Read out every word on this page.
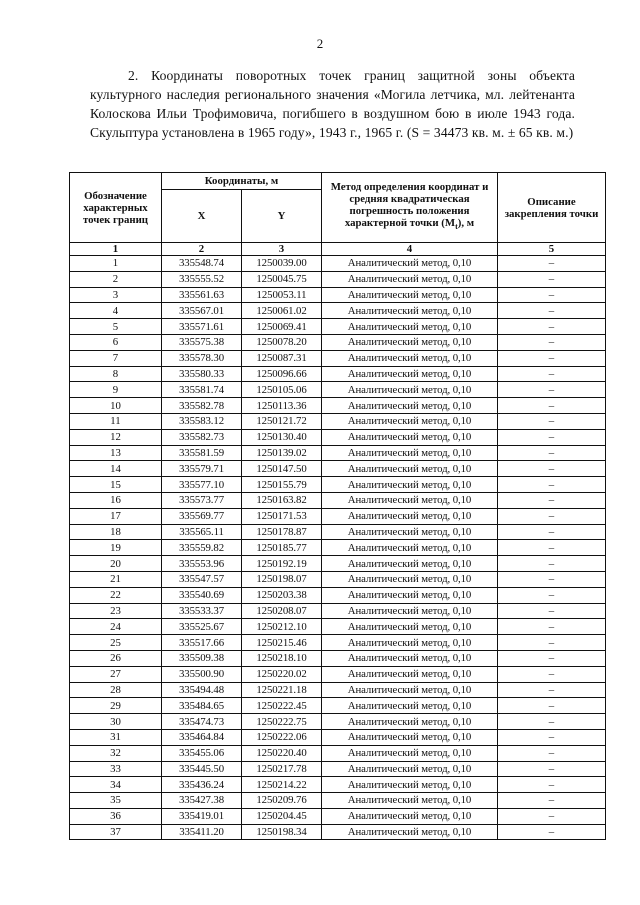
2

2. Координаты поворотных точек границ защитной зоны объекта культурного наследия регионального значения «Могила летчика, мл. лейтенанта Колоскова Ильи Трофимовича, погибшего в воздушном бою в июле 1943 года. Скульптура установлена в 1965 году», 1943 г., 1965 г. (S = 34473 кв. м. ± 65 кв. м.)

Обозначение характерных точек границ	Координаты, м		Метод определения координат и средняя квадратическая погрешность положения характерной точки $(M_t)$, м	Описание закрепления точки
	X	Y		
1	2	3	4	5
1	335548.74	1250039.00	Аналитический метод, 0,10	–
2	335555.52	1250045.75	Аналитический метод, 0,10	–
3	335561.63	1250053.11	Аналитический метод, 0,10	–
4	335567.01	1250061.02	Аналитический метод, 0,10	–
5	335571.61	1250069.41	Аналитический метод, 0,10	–
6	335575.38	1250078.20	Аналитический метод, 0,10	–
7	335578.30	1250087.31	Аналитический метод, 0,10	–
8	335580.33	1250096.66	Аналитический метод, 0,10	–
9	335581.74	1250105.06	Аналитический метод, 0,10	–
10	335582.78	1250113.36	Аналитический метод, 0,10	–
11	335583.12	1250121.72	Аналитический метод, 0,10	–
12	335582.73	1250130.40	Аналитический метод, 0,10	–
13	335581.59	1250139.02	Аналитический метод, 0,10	–
14	335579.71	1250147.50	Аналитический метод, 0,10	–
15	335577.10	1250155.79	Аналитический метод, 0,10	–
16	335573.77	1250163.82	Аналитический метод, 0,10	–
17	335569.77	1250171.53	Аналитический метод, 0,10	–
18	335565.11	1250178.87	Аналитический метод, 0,10	–
19	335559.82	1250185.77	Аналитический метод, 0,10	–
20	335553.96	1250192.19	Аналитический метод, 0,10	–
21	335547.57	1250198.07	Аналитический метод, 0,10	–
22	335540.69	1250203.38	Аналитический метод, 0,10	–
23	335533.37	1250208.07	Аналитический метод, 0,10	–
24	335525.67	1250212.10	Аналитический метод, 0,10	–
25	335517.66	1250215.46	Аналитический метод, 0,10	–
26	335509.38	1250218.10	Аналитический метод, 0,10	–
27	335500.90	1250220.02	Аналитический метод, 0,10	–
28	335494.48	1250221.18	Аналитический метод, 0,10	–
29	335484.65	1250222.45	Аналитический метод, 0,10	–
30	335474.73	1250222.75	Аналитический метод, 0,10	–
31	335464.84	1250222.06	Аналитический метод, 0,10	–
32	335455.06	1250220.40	Аналитический метод, 0,10	–
33	335445.50	1250217.78	Аналитический метод, 0,10	–
34	335436.24	1250214.22	Аналитический метод, 0,10	–
35	335427.38	1250209.76	Аналитический метод, 0,10	–
36	335419.01	1250204.45	Аналитический метод, 0,10	–
37	335411.20	1250198.34	Аналитический метод, 0,10	–
